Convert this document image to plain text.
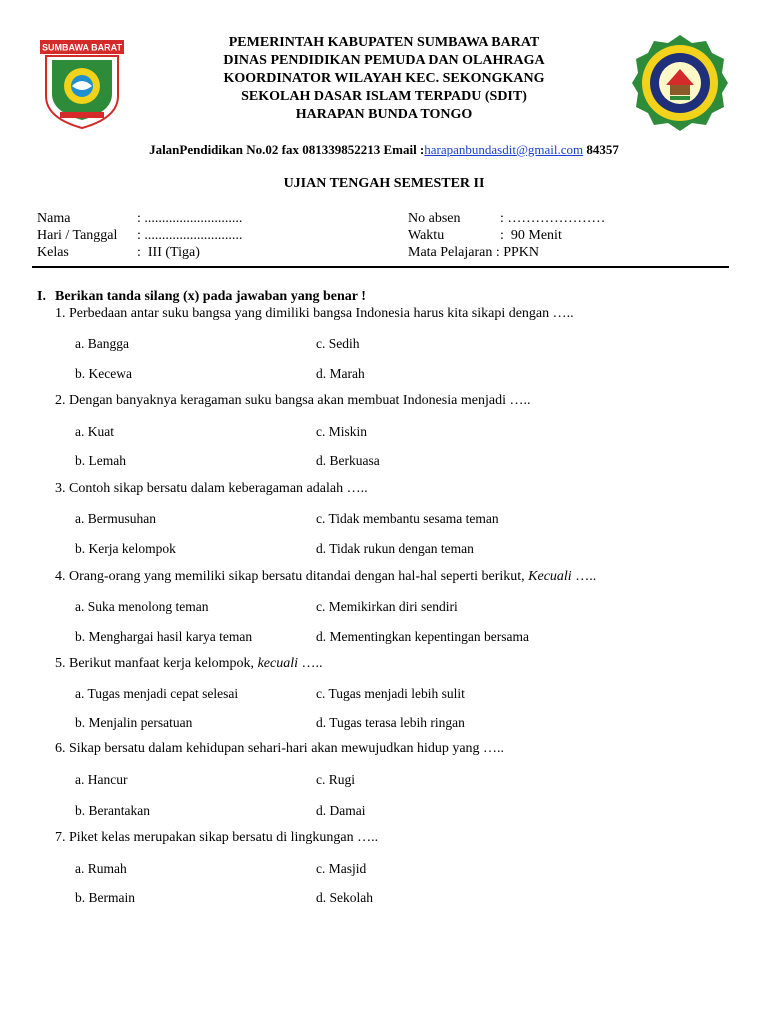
SUMBAWA BARAT	PEMERINTAH KABUPATEN SUMBAWA BARAT
DINAS PENDIDIKAN PEMUDA DAN OLAHRAGA
KOORDINATOR WILAYAH KEC. SEKONGKANG
SEKOLAH DASAR ISLAM TERPADU (SDIT)
HARAPAN BUNDA TONGO
JalanPendidikan No.02 fax 081339852213 Email :harapanbundasdit@gmail.com 84357
UJIAN TENGAH SEMESTER II
Nama	: ............................
Hari / Tanggal : ............................
Kelas	:  III (Tiga)
No absen	: …………………
Waktu	:  90 Menit
Mata Pelajaran : PPKN
I. Berikan tanda silang (x) pada jawaban yang benar !
1. Perbedaan antar suku bangsa yang dimiliki bangsa Indonesia harus kita sikapi dengan …..
a. Bangga	c. Sedih
b. Kecewa	d. Marah
2. Dengan banyaknya keragaman suku bangsa akan membuat Indonesia menjadi …..
a. Kuat	c. Miskin
b. Lemah	d. Berkuasa
3. Contoh sikap bersatu dalam keberagaman adalah …..
a. Bermusuhan	c. Tidak membantu sesama teman
b. Kerja kelompok	d. Tidak rukun dengan teman
4. Orang-orang yang memiliki sikap bersatu ditandai dengan hal-hal seperti berikut, Kecuali …..
a. Suka menolong teman	c. Memikirkan diri sendiri
b. Menghargai hasil karya teman	d. Mementingkan kepentingan bersama
5. Berikut manfaat kerja kelompok, kecuali …..
a. Tugas menjadi cepat selesai	c. Tugas menjadi lebih sulit
b. Menjalin persatuan	d. Tugas terasa lebih ringan
6. Sikap bersatu dalam kehidupan sehari-hari akan mewujudkan hidup yang …..
a. Hancur	c. Rugi
b. Berantakan	d. Damai
7. Piket kelas merupakan sikap bersatu di lingkungan …..
a. Rumah	c. Masjid
b. Bermain	d. Sekolah
